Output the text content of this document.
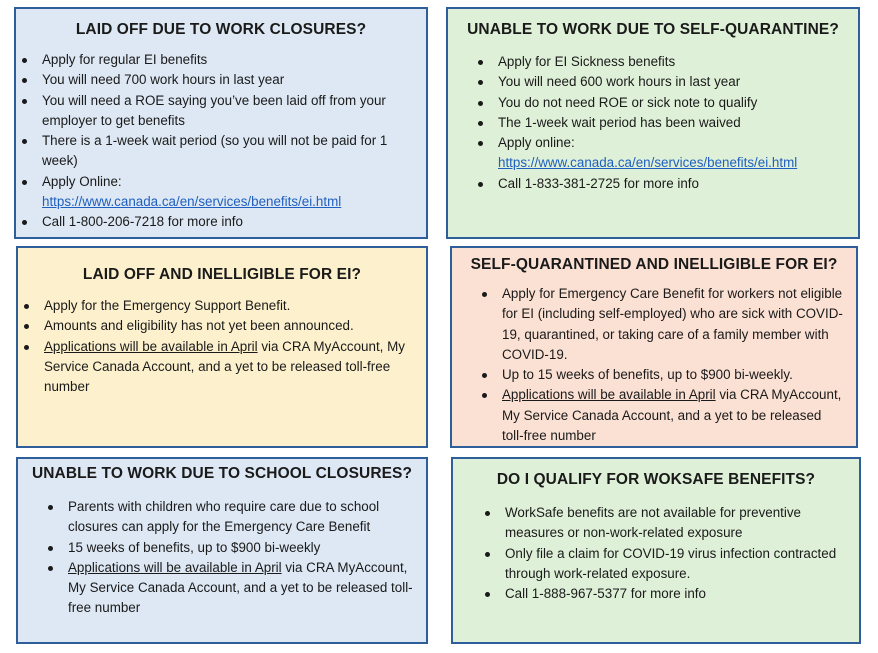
LAID OFF DUE TO WORK CLOSURES?
Apply for regular EI benefits
You will need 700 work hours in last year
You will need a ROE saying you’ve been laid off from your employer to get benefits
There is a 1-week wait period (so you will not be paid for 1 week)
Apply Online:
https://www.canada.ca/en/services/benefits/ei.html
Call 1-800-206-7218 for more info
UNABLE TO WORK DUE TO SELF-QUARANTINE?
Apply for EI Sickness benefits
You will need 600 work hours in last year
You do not need ROE or sick note to qualify
The 1-week wait period has been waived
Apply online:
https://www.canada.ca/en/services/benefits/ei.html
Call 1-833-381-2725 for more info
LAID OFF AND INELLIGIBLE FOR EI?
Apply for the Emergency Support Benefit.
Amounts and eligibility has not yet been announced.
Applications will be available in April via CRA MyAccount, My Service Canada Account, and a yet to be released toll-free number
SELF-QUARANTINED AND INELLIGIBLE FOR EI?
Apply for Emergency Care Benefit for workers not eligible for EI (including self-employed) who are sick with COVID-19, quarantined, or taking care of a family member with COVID-19.
Up to 15 weeks of benefits, up to $900 bi-weekly.
Applications will be available in April via CRA MyAccount, My Service Canada Account, and a yet to be released toll-free number
UNABLE TO WORK DUE TO SCHOOL CLOSURES?
Parents with children who require care due to school closures can apply for the Emergency Care Benefit
15 weeks of benefits, up to $900 bi-weekly
Applications will be available in April via CRA MyAccount, My Service Canada Account, and a yet to be released toll-free number
DO I QUALIFY FOR WOKSAFE BENEFITS?
WorkSafe benefits are not available for preventive measures or non-work-related exposure
Only file a claim for COVID-19 virus infection contracted through work-related exposure.
Call 1-888-967-5377 for more info
